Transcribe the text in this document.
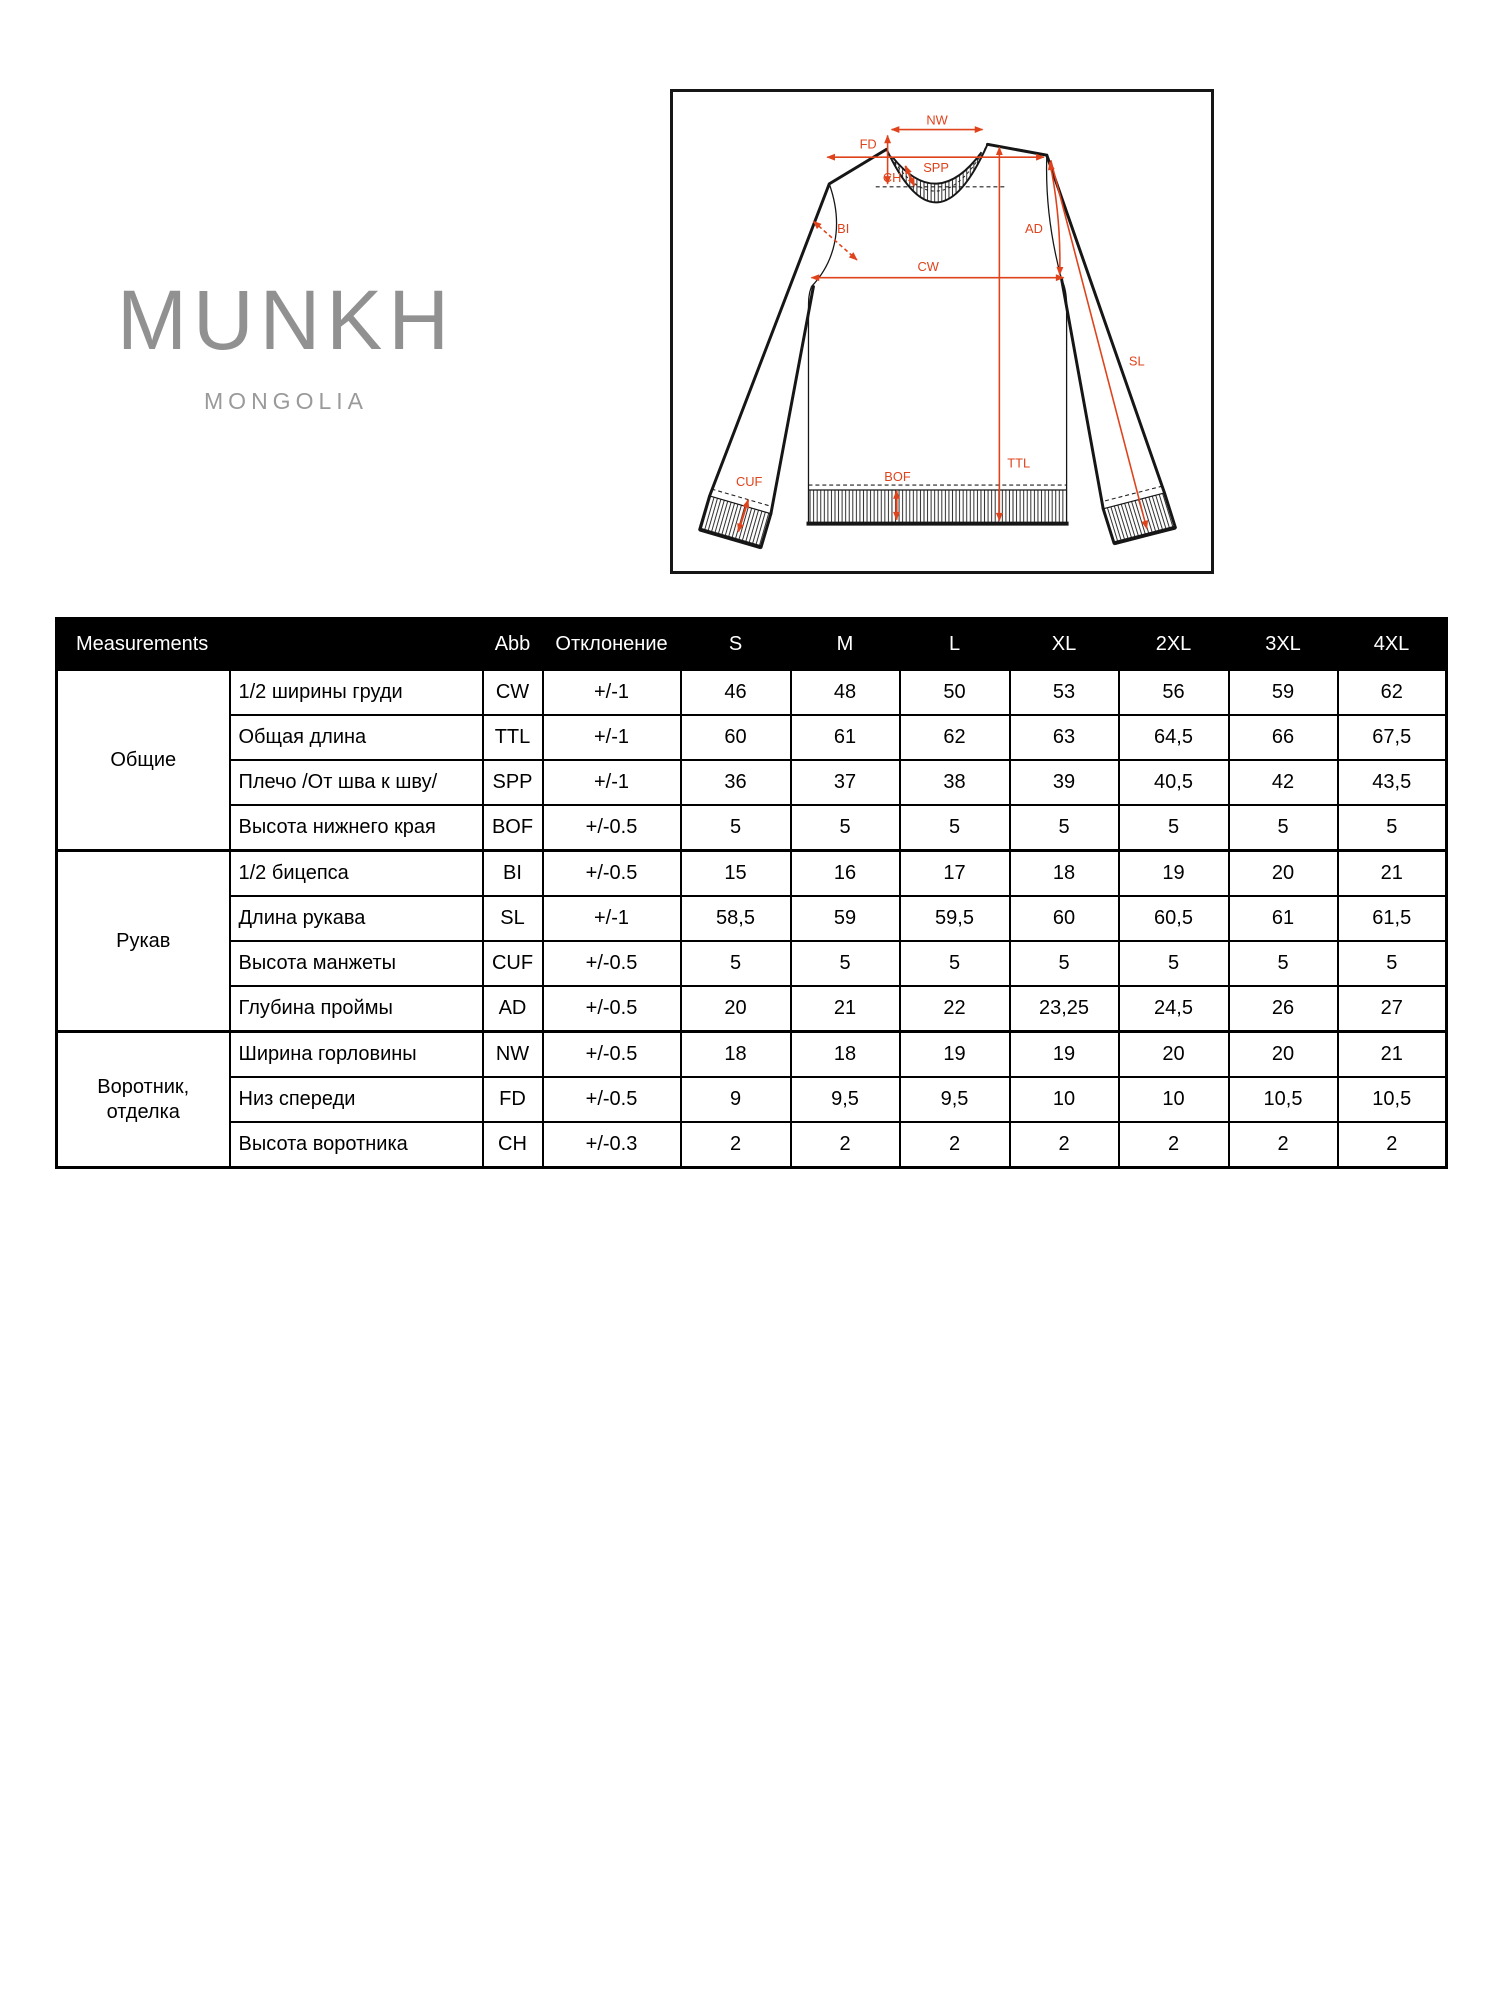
MUNKH
MONGOLIA
NW
FD
SPP
CH
BI
CW
AD
SL
TTL
BOF
CUF
Measurements		Abb	Отклонение	S	M	L	XL	2XL	3XL	4XL
Общие	1/2 ширины груди	CW	+/-1	46	48	50	53	56	59	62
	Общая длина	TTL	+/-1	60	61	62	63	64,5	66	67,5
	Плечо /От шва к шву/	SPP	+/-1	36	37	38	39	40,5	42	43,5
	Высота нижнего края	BOF	+/-0.5	5	5	5	5	5	5	5
Рукав	1/2 бицепса	BI	+/-0.5	15	16	17	18	19	20	21
	Длина рукава	SL	+/-1	58,5	59	59,5	60	60,5	61	61,5
	Высота манжеты	CUF	+/-0.5	5	5	5	5	5	5	5
	Глубина проймы	AD	+/-0.5	20	21	22	23,25	24,5	26	27
Воротник, отделка	Ширина горловины	NW	+/-0.5	18	18	19	19	20	20	21
	Низ спереди	FD	+/-0.5	9	9,5	9,5	10	10	10,5	10,5
	Высота воротника	CH	+/-0.3	2	2	2	2	2	2	2
